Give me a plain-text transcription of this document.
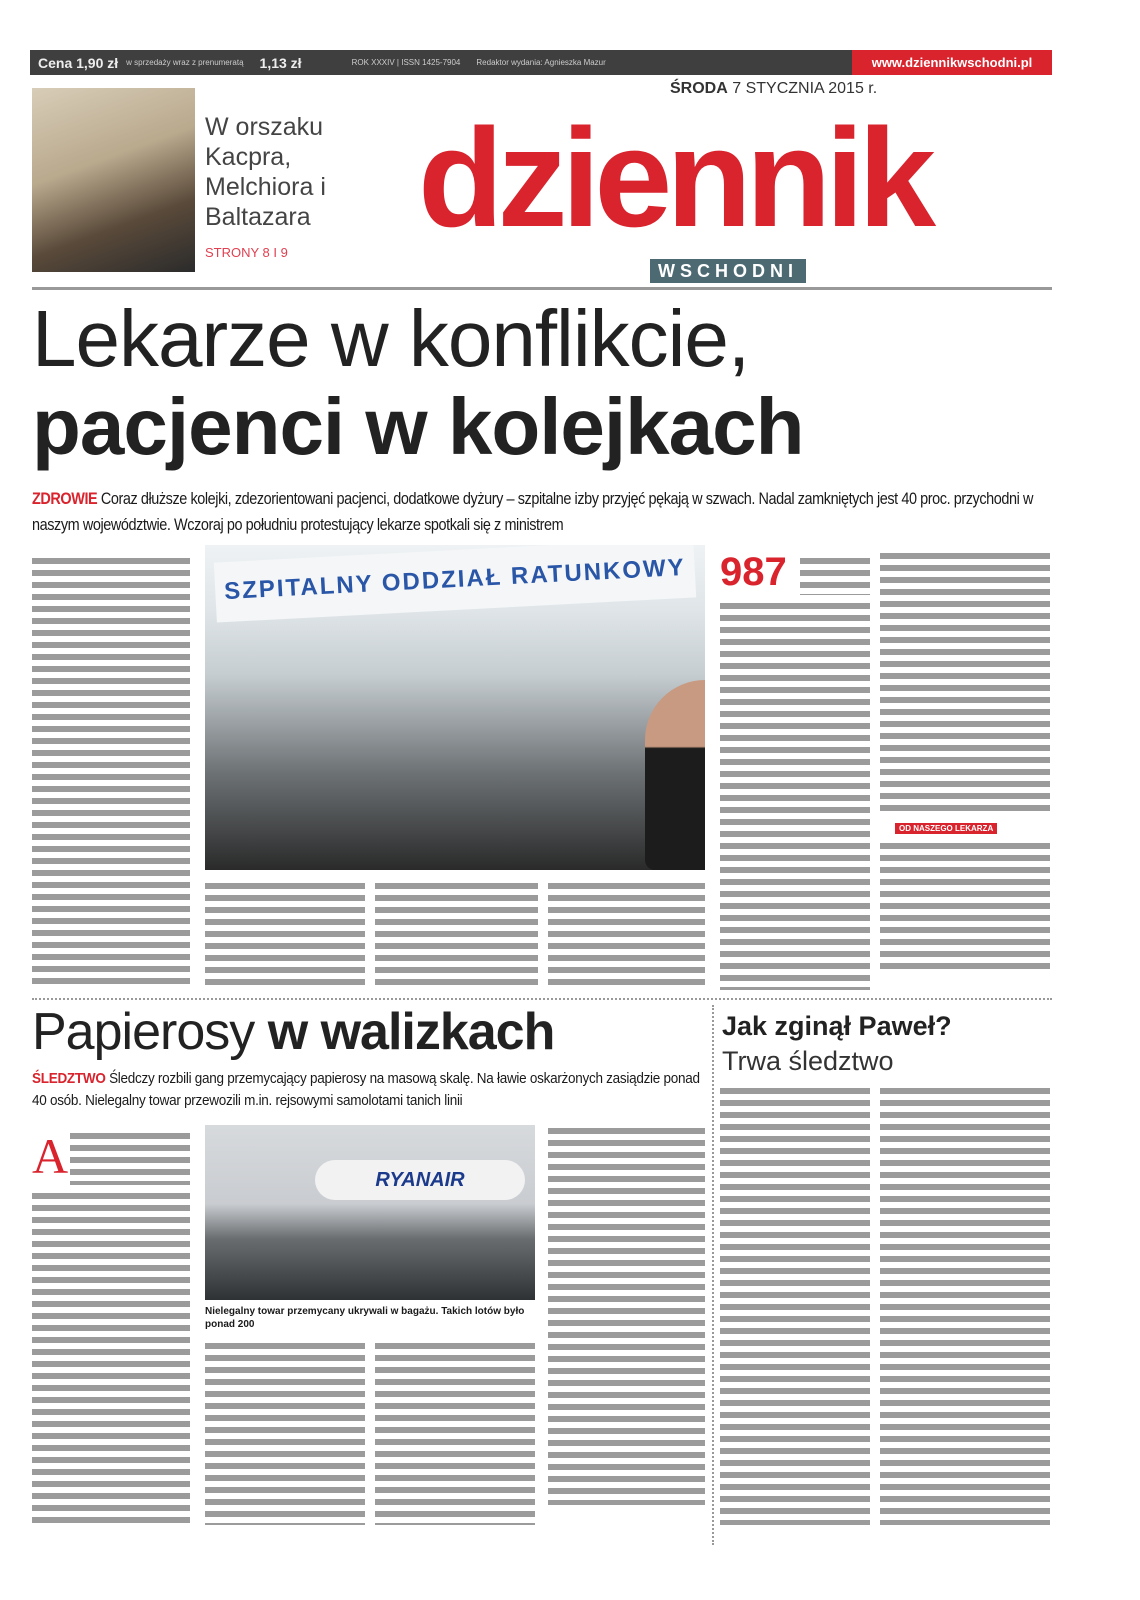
Cena 1,90 zł w sprzedaży wraz z prenumeratą 1,13 zł	ROK XXXIV | ISSN 1425-7904 Redaktor wydania: Agnieszka Mazur	www.dziennikwschodni.pl
W orszaku Kacpra, Melchiora i Baltazara
STRONY 8 I 9
ŚRODA 7 STYCZNIA 2015 r.
dziennik
WSCHODNI
Lekarze w konflikcie,
pacjenci w kolejkach
ZDROWIE Coraz dłuższe kolejki, zdezorientowani pacjenci, dodatkowe dyżury – szpitalne izby przyjęć pękają w szwach. Nadal zamkniętych jest 40 proc. przychodni w naszym województwie. Wczoraj po południu protestujący lekarze spotkali się z ministrem
SZPITALNY ODDZIAŁ RATUNKOWY 987
OD NASZEGO LEKARZA
Papierosy w walizkach
ŚLEDZTWO Śledczy rozbili gang przemycający papierosy na masową skalę. Na ławie oskarżonych zasiądzie ponad 40 osób. Nielegalny towar przewozili m.in. rejsowymi samolotami tanich linii
A	RYANAIR
Nielegalny towar przemycany ukrywali w bagażu. Takich lotów było ponad 200
Jak zginął Paweł?
Trwa śledztwo
